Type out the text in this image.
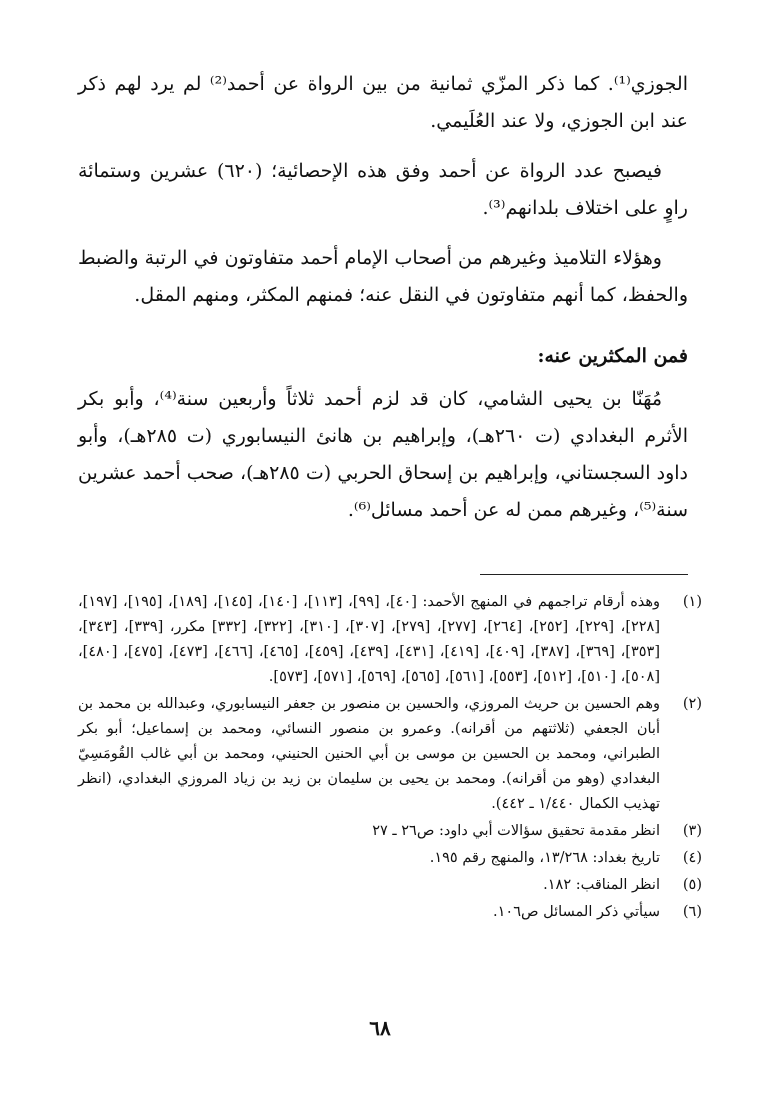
الجوزي⁽¹⁾. كما ذكر المزّي ثمانية من بين الرواة عن أحمد⁽²⁾ لم يرد لهم ذكر عند ابن الجوزي، ولا عند العُلَيمي.

فيصبح عدد الرواة عن أحمد وفق هذه الإحصائية؛ (٦٢٠) عشرين وستمائة راوٍ على اختلاف بلدانهم⁽³⁾.

وهؤلاء التلاميذ وغيرهم من أصحاب الإمام أحمد متفاوتون في الرتبة والضبط والحفظ، كما أنهم متفاوتون في النقل عنه؛ فمنهم المكثر، ومنهم المقل.

فمن المكثرين عنه:

مُهَنّا بن يحيى الشامي، كان قد لزم أحمد ثلاثاً وأربعين سنة⁽⁴⁾، وأبو بكر الأثرم البغدادي (ت ٢٦٠هـ)، وإبراهيم بن هانئ النيسابوري (ت ٢٨٥هـ)، وأبو داود السجستاني، وإبراهيم بن إسحاق الحربي (ت ٢٨٥هـ)، صحب أحمد عشرين سنة⁽⁵⁾، وغيرهم ممن له عن أحمد مسائل⁽⁶⁾.

(١)
وهذه أرقام تراجمهم في المنهج الأحمد: [٤٠]، [٩٩]، [١١٣]، [١٤٠]، [١٤٥]، [١٨٩]، [١٩٥]، [١٩٧]، [٢٢٨]، [٢٢٩]، [٢٥٢]، [٢٦٤]، [٢٧٧]، [٢٧٩]، [٣٠٧]، [٣١٠]، [٣٢٢]، [٣٣٢] مكرر، [٣٣٩]، [٣٤٣]، [٣٥٣]، [٣٦٩]، [٣٨٧]، [٤٠٩]، [٤١٩]، [٤٣١]، [٤٣٩]، [٤٥٩]، [٤٦٥]، [٤٦٦]، [٤٧٣]، [٤٧٥]، [٤٨٠]، [٥٠٨]، [٥١٠]، [٥١٢]، [٥٥٣]، [٥٦١]، [٥٦٥]، [٥٦٩]، [٥٧١]، [٥٧٣].
(٢)
وهم الحسين بن حريث المروزي، والحسين بن منصور بن جعفر النيسابوري، وعبدالله بن محمد بن أبان الجعفي (ثلاثتهم من أقرانه). وعمرو بن منصور النسائي، ومحمد بن إسماعيل؛ أبو بكر الطبراني، ومحمد بن الحسين بن موسى بن أبي الحنين الحنيني، ومحمد بن أبي غالب القُومَسِيّ البغدادي (وهو من أقرانه). ومحمد بن يحيى بن سليمان بن زيد بن زياد المروزي البغدادي، (انظر تهذيب الكمال ١/٤٤٠ ـ ٤٤٢).
(٣)
انظر مقدمة تحقيق سؤالات أبي داود: ص٢٦ ـ ٢٧
(٤)
تاريخ بغداد: ١٣/٢٦٨، والمنهج رقم ١٩٥.
(٥)
انظر المناقب: ١٨٢.
(٦)
سيأتي ذكر المسائل ص١٠٦.
٦٨
